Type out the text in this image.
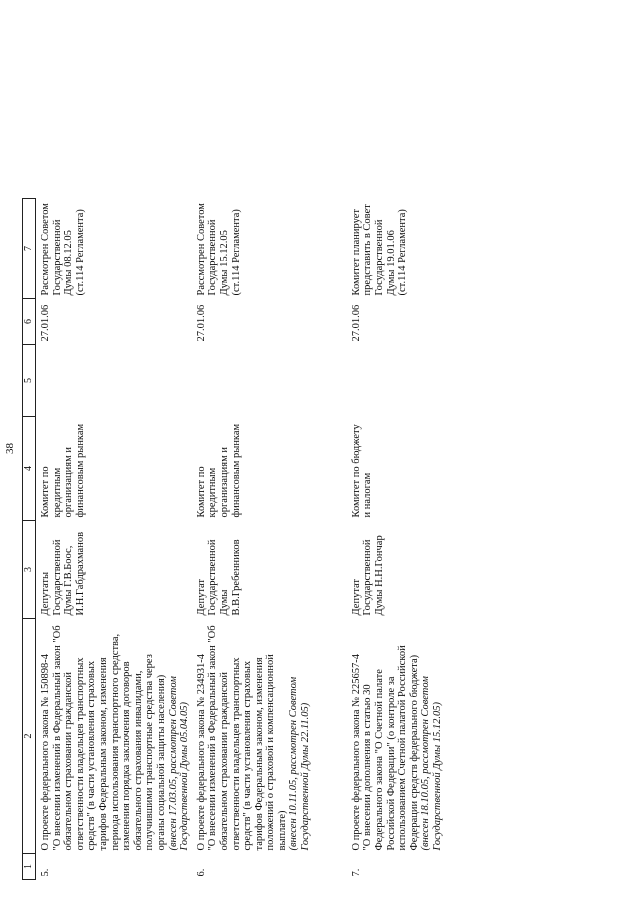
38
1	2	3	4	5	6	7
5.	О проекте федерального закона № 150898-4 "О внесении изменений в Федеральный закон "Об обязательном страховании гражданской ответственности владельцев транспортных средств" (в части установления страховых тарифов Федеральным законом, изменения периода использования транспортного средства, изменения порядка заключения договоров обязательного страхования инвалидами, получившими транспортные средства через органы социальной защиты населения) (внесен 17.03.05, рассмотрен Советом Государственной Думы 05.04.05)	Депутаты Государственной Думы Г.В.Боос, И.Н.Габдрахманов	Комитет по кредитным организациям и финансовым рынкам		27.01.06	Рассмотрен Советом Государственной Думы 08.12.05 (ст.114 Регламента)
6.	О проекте федерального закона № 234931-4 "О внесении изменений в Федеральный закон "Об обязательном страховании гражданской ответственности владельцев транспортных средств" (в части установления страховых тарифов Федеральным законом, изменения положений о страховой и компенсационной выплате) (внесен 10.11.05, рассмотрен Советом Государственной Думы 22.11.05)	Депутат Государственной Думы В.В.Гребенников	Комитет по кредитным организациям и финансовым рынкам		27.01.06	Рассмотрен Советом Государственной Думы 15.12.05 (ст.114 Регламента)
7.	О проекте федерального закона № 225657-4 "О внесении дополнения в статью 30 Федерального закона "О Счетной палате Российской Федерации" (о контроле за использованием Счетной палатой Российской Федерации средств федерального бюджета) (внесен 18.10.05, рассмотрен Советом Государственной Думы 15.12.05)	Депутат Государственной Думы Н.Н.Гончар	Комитет по бюджету и налогам		27.01.06	Комитет планирует представить в Совет Государственной Думы 19.01.06 (ст.114 Регламента)
